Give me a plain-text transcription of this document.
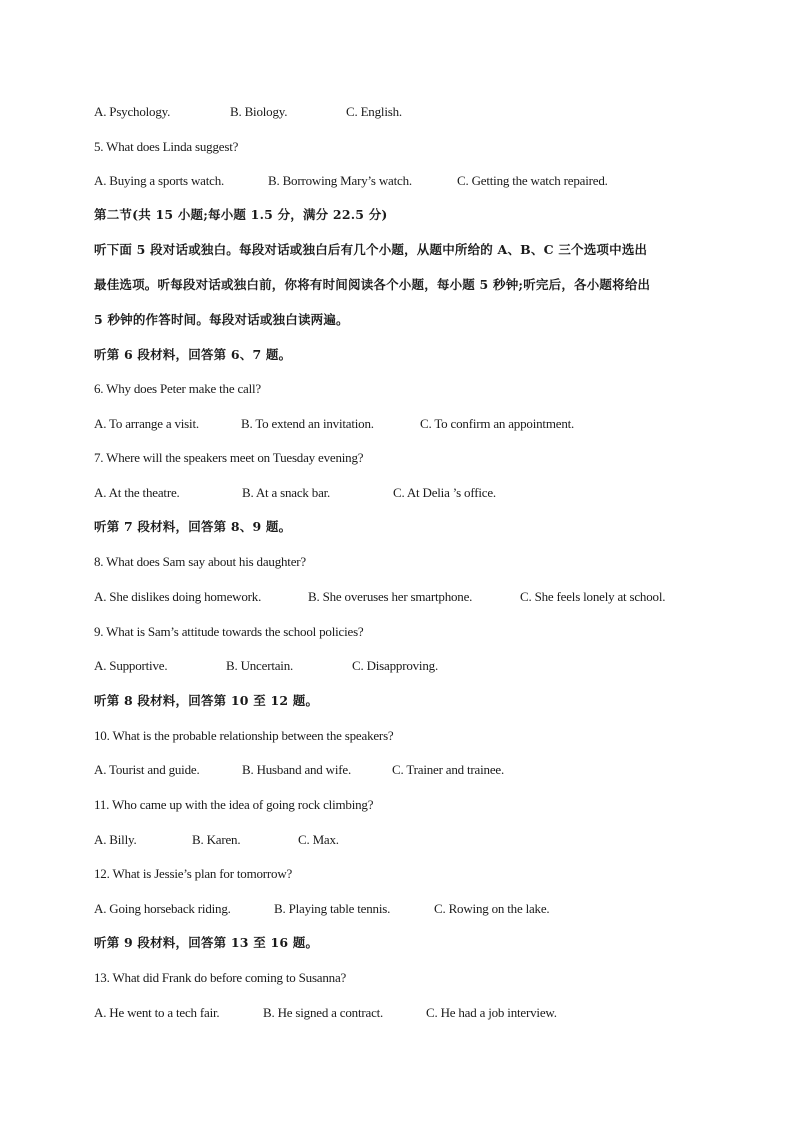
A. Psychology.	B. Biology.	C. English.
5. What does Linda suggest?
A. Buying a sports watch.	B. Borrowing Mary’s watch.	C. Getting the watch repaired.
第二节(共 15 小题;每小题 1.5 分，满分 22.5 分)
听下面 5 段对话或独白。每段对话或独白后有几个小题，从题中所给的 A、B、C 三个选项中选出
最佳选项。听每段对话或独白前，你将有时间阅读各个小题，每小题 5 秒钟;听完后，各小题将给出
5 秒钟的作答时间。每段对话或独白读两遍。
听第 6 段材料，回答第 6、7 题。
6. Why does Peter make the call?
A. To arrange a visit.	B. To extend an invitation.	C. To confirm an appointment.
7. Where will the speakers meet on Tuesday evening?
A. At the theatre.	B. At a snack bar.	C. At Delia ’s office.
听第 7 段材料，回答第 8、9 题。
8. What does Sam say about his daughter?
A. She dislikes doing homework.	B. She overuses her smartphone.	C. She feels lonely at school.
9. What is Sam’s attitude towards the school policies?
A. Supportive.	B. Uncertain.	C. Disapproving.
听第 8 段材料，回答第 10 至 12 题。
10. What is the probable relationship between the speakers?
A. Tourist and guide.	B. Husband and wife.	C. Trainer and trainee.
11. Who came up with the idea of going rock climbing?
A. Billy.	B. Karen.	C. Max.
12. What is Jessie’s plan for tomorrow?
A. Going horseback riding.	B. Playing table tennis.	C. Rowing on the lake.
听第 9 段材料，回答第 13 至 16 题。
13. What did Frank do before coming to Susanna?
A. He went to a tech fair.	B. He signed a contract.	C. He had a job interview.
